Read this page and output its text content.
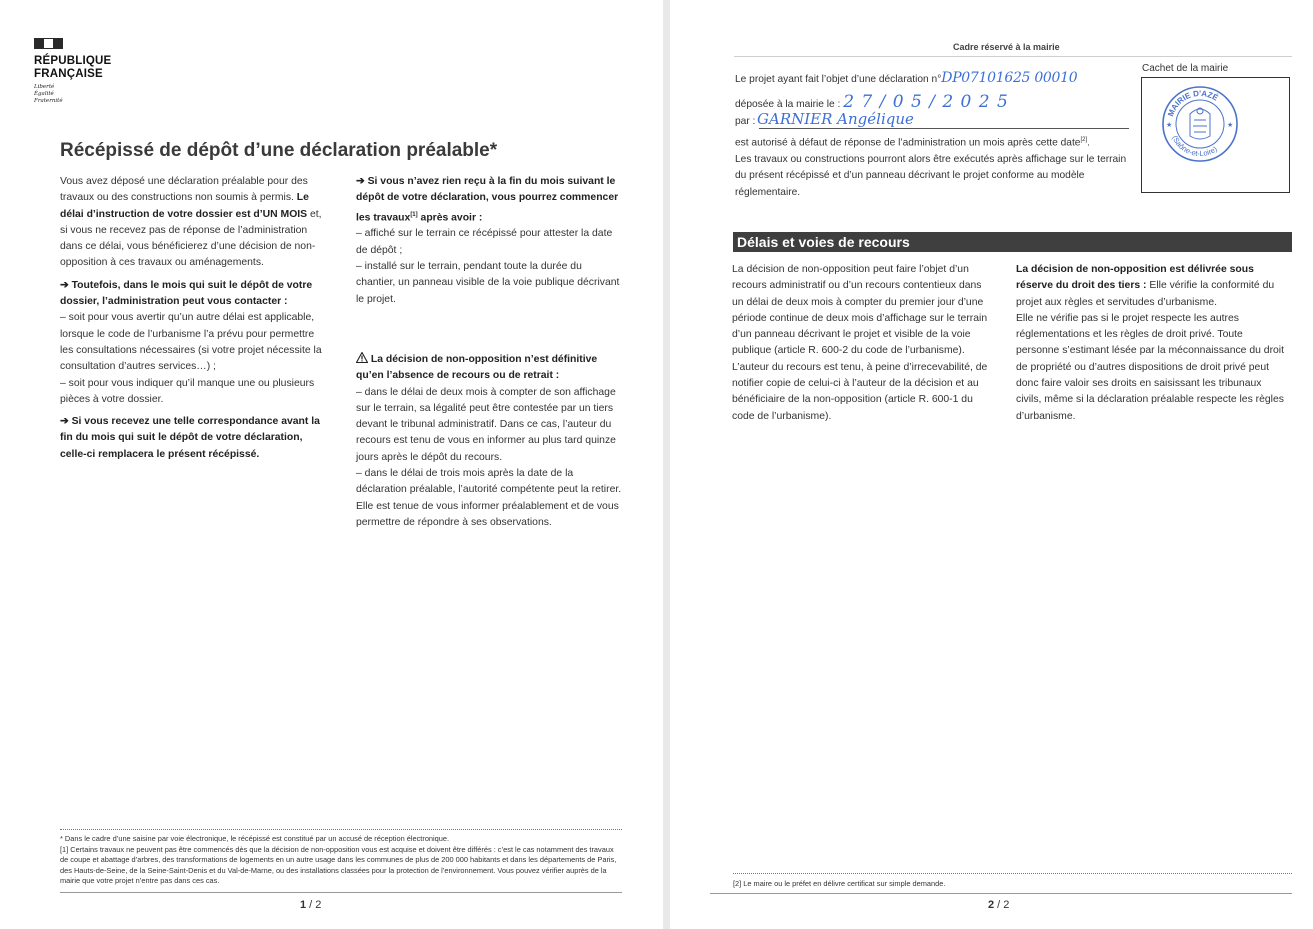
RÉPUBLIQUE
FRANÇAISE
Liberté
Égalité
Fraternité
Récépissé de dépôt d’une déclaration préalable*

Vous avez déposé une déclaration préalable pour des travaux ou des constructions non soumis à permis. Le délai d’instruction de votre dossier est d’UN MOIS et, si vous ne recevez pas de réponse de l’administration dans ce délai, vous bénéficierez d’une décision de non-opposition à ces travaux ou aménagements.

➔ Toutefois, dans le mois qui suit le dépôt de votre dossier, l’administration peut vous contacter :
– soit pour vous avertir qu’un autre délai est applicable, lorsque le code de l’urbanisme l’a prévu pour permettre les consultations nécessaires (si votre projet nécessite la consultation d’autres services…) ;

– soit pour vous indiquer qu’il manque une ou plusieurs pièces à votre dossier.

➔ Si vous recevez une telle correspondance avant la fin du mois qui suit le dépôt de votre déclaration, celle-ci remplacera le présent récépissé.
➔ Si vous n’avez rien reçu à la fin du mois suivant le dépôt de votre déclaration, vous pourrez commencer les travaux[1] après avoir :
– affiché sur le terrain ce récépissé pour attester la date de dépôt ;
– installé sur le terrain, pendant toute la durée du chantier, un panneau visible de la voie publique décrivant le projet.
La décision de non-opposition n’est définitive qu’en l’absence de recours ou de retrait :
– dans le délai de deux mois à compter de son affichage sur le terrain, sa légalité peut être contestée par un tiers devant le tribunal administratif. Dans ce cas, l’auteur du recours est tenu de vous en informer au plus tard quinze jours après le dépôt du recours.
– dans le délai de trois mois après la date de la déclaration préalable, l’autorité compétente peut la retirer. Elle est tenue de vous informer préalablement et de vous permettre de répondre à ses observations.
* Dans le cadre d’une saisine par voie électronique, le récépissé est constitué par un accusé de réception électronique.
[1] Certains travaux ne peuvent pas être commencés dès que la décision de non-opposition vous est acquise et doivent être différés : c’est le cas notamment des travaux de coupe et abattage d’arbres, des transformations de logements en un autre usage dans les communes de plus de 200 000 habitants et dans les départements de Paris, des Hauts-de-Seine, de la Seine-Saint-Denis et du Val-de-Marne, ou des installations classées pour la protection de l’environnement. Vous pouvez vérifier auprès de la mairie que votre projet n’entre pas dans ces cas.
1 / 2
Cadre réservé à la mairie
Le projet ayant fait l’objet d’une déclaration n°DP07101625 00010
déposée à la mairie le : 2 7 / 0 5 / 2 0 2 5
par : GARNIER Angélique
est autorisé à défaut de réponse de l’administration un mois après cette date[2].
Les travaux ou constructions pourront alors être exécutés après affichage sur le terrain du présent récépissé et d’un panneau décrivant le projet conforme au modèle réglementaire.
Cachet de la mairie
MAIRIE D'AZÉ
(Saône-et-Loire)
★	★
Délais et voies de recours
La décision de non-opposition peut faire l’objet d’un recours administratif ou d’un recours contentieux dans un délai de deux mois à compter du premier jour d’une période continue de deux mois d’affichage sur le terrain d’un panneau décrivant le projet et visible de la voie publique (article R. 600-2 du code de l’urbanisme).
L’auteur du recours est tenu, à peine d’irrecevabilité, de notifier copie de celui-ci à l’auteur de la décision et au bénéficiaire de la non-opposition (article R. 600-1 du code de l’urbanisme).
La décision de non-opposition est délivrée sous réserve du droit des tiers : Elle vérifie la conformité du projet aux règles et servitudes d’urbanisme.
Elle ne vérifie pas si le projet respecte les autres réglementations et les règles de droit privé. Toute personne s’estimant lésée par la méconnaissance du droit de propriété ou d’autres dispositions de droit privé peut donc faire valoir ses droits en saisissant les tribunaux civils, même si la déclaration préalable respecte les règles d’urbanisme.
[2] Le maire ou le préfet en délivre certificat sur simple demande.
2 / 2
